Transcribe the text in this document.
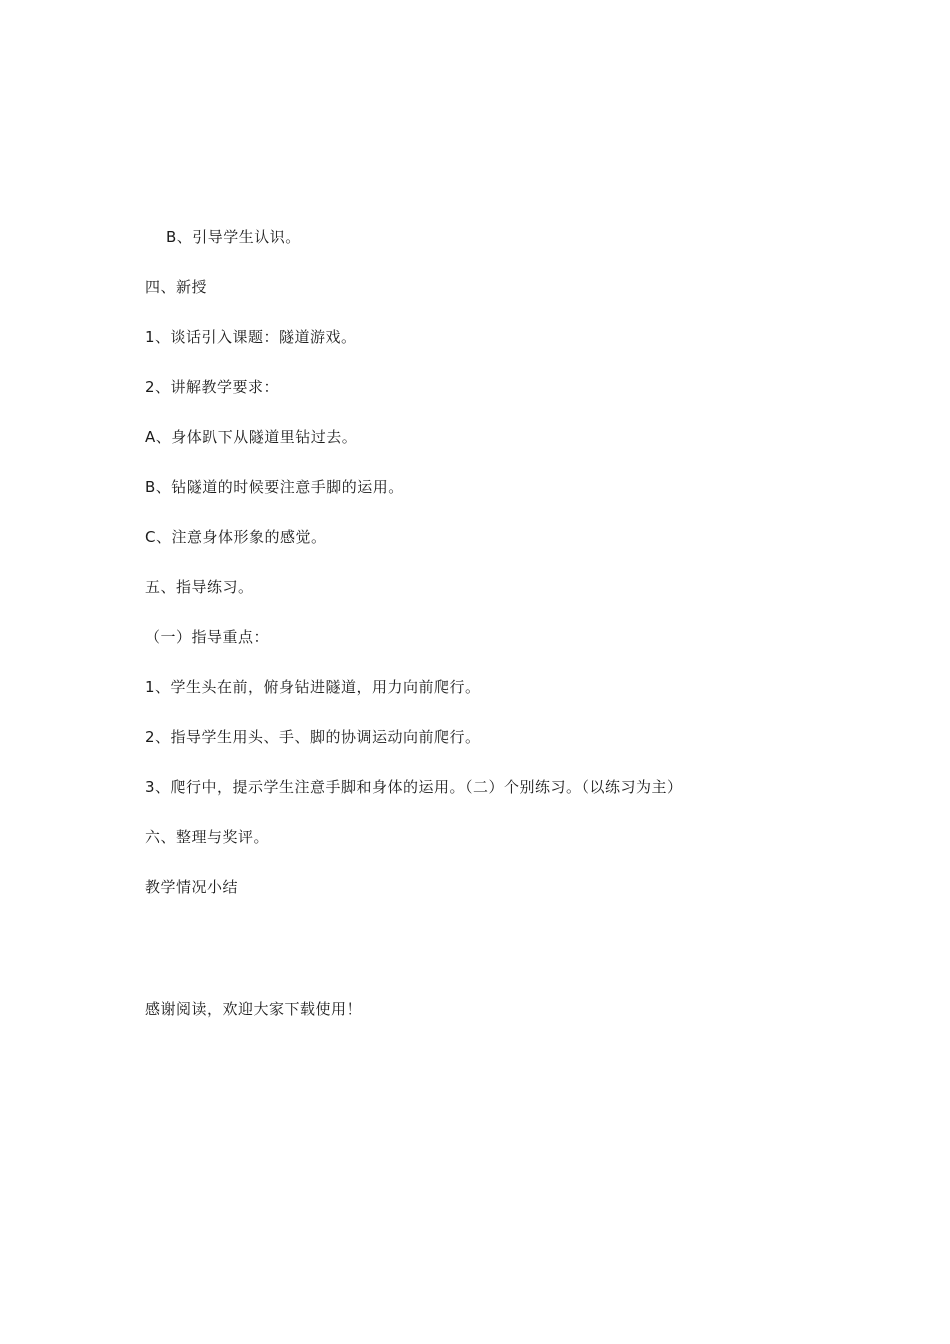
B、引导学生认识。
四、新授
1、谈话引入课题：隧道游戏。
2、讲解教学要求：
A、身体趴下从隧道里钻过去。
B、钻隧道的时候要注意手脚的运用。
C、注意身体形象的感觉。
五、指导练习。
（一）指导重点：
1、学生头在前，俯身钻进隧道，用力向前爬行。
2、指导学生用头、手、脚的协调运动向前爬行。
3、爬行中，提示学生注意手脚和身体的运用。（二）个别练习。（以练习为主）
六、整理与奖评。
教学情况小结
感谢阅读，欢迎大家下载使用！
